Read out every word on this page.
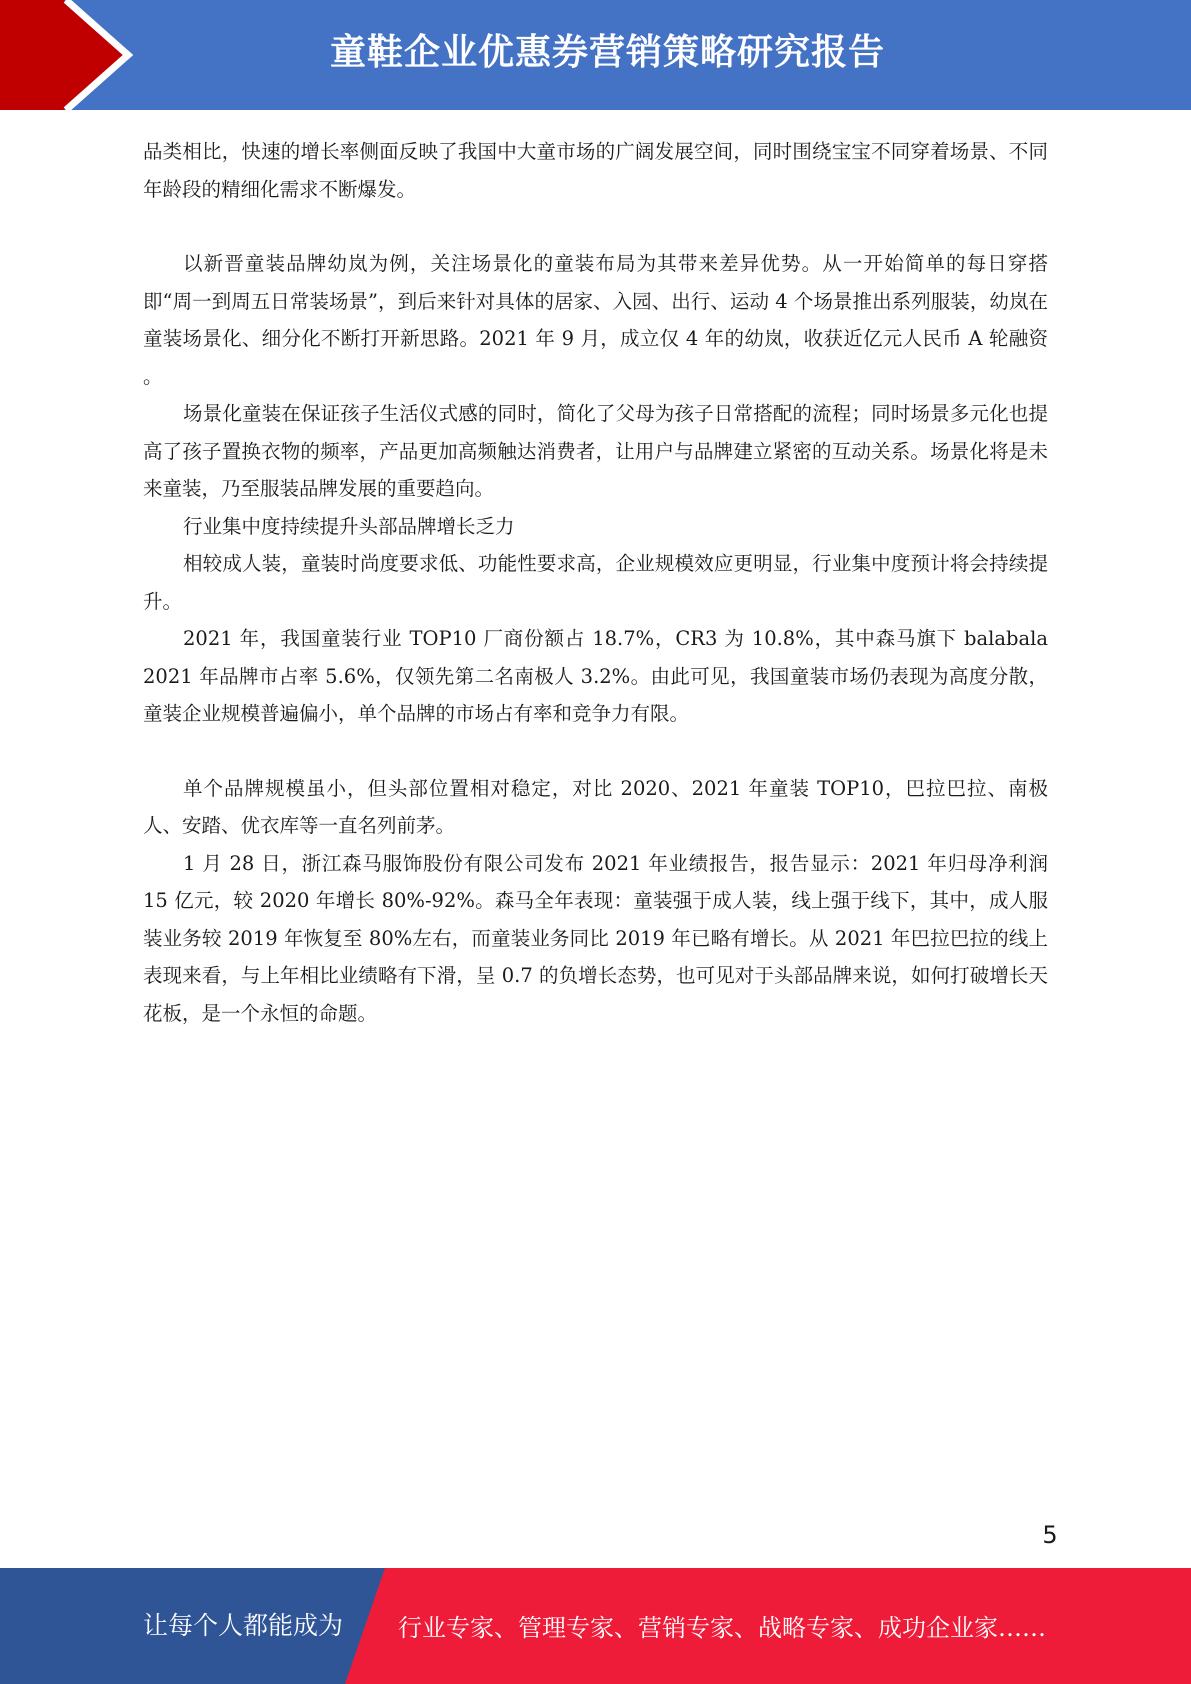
童鞋企业优惠券营销策略研究报告

品类相比，快速的增长率侧面反映了我国中大童市场的广阔发展空间，同时围绕宝宝不同穿着场景、不同年龄段的精细化需求不断爆发。

以新晋童装品牌幼岚为例，关注场景化的童装布局为其带来差异优势。从一开始简单的每日穿搭即“周一到周五日常装场景”，到后来针对具体的居家、入园、出行、运动 4 个场景推出系列服装，幼岚在童装场景化、细分化不断打开新思路。2021 年 9 月，成立仅 4 年的幼岚，收获近亿元人民币 A 轮融资 。

场景化童装在保证孩子生活仪式感的同时，简化了父母为孩子日常搭配的流程；同时场景多元化也提高了孩子置换衣物的频率，产品更加高频触达消费者，让用户与品牌建立紧密的互动关系。场景化将是未来童装，乃至服装品牌发展的重要趋向。

行业集中度持续提升头部品牌增长乏力

相较成人装，童装时尚度要求低、功能性要求高，企业规模效应更明显，行业集中度预计将会持续提升。

2021 年，我国童装行业 TOP10 厂商份额占 18.7%，CR3 为 10.8%，其中森马旗下 balabala 2021 年品牌市占率 5.6%，仅领先第二名南极人 3.2%。由此可见，我国童装市场仍表现为高度分散，童装企业规模普遍偏小，单个品牌的市场占有率和竞争力有限。

单个品牌规模虽小，但头部位置相对稳定，对比 2020、2021 年童装 TOP10，巴拉巴拉、南极人、安踏、优衣库等一直名列前茅。

1 月 28 日，浙江森马服饰股份有限公司发布 2021 年业绩报告，报告显示：2021 年归母净利润 15 亿元，较 2020 年增长 80%-92%。森马全年表现：童装强于成人装，线上强于线下，其中，成人服装业务较 2019 年恢复至 80%左右，而童装业务同比 2019 年已略有增长。从 2021 年巴拉巴拉的线上表现来看，与上年相比业绩略有下滑，呈 0.7 的负增长态势，也可见对于头部品牌来说，如何打破增长天花板，是一个永恒的命题。

5
让每个人都能成为 行业专家、管理专家、营销专家、战略专家、成功企业家……
